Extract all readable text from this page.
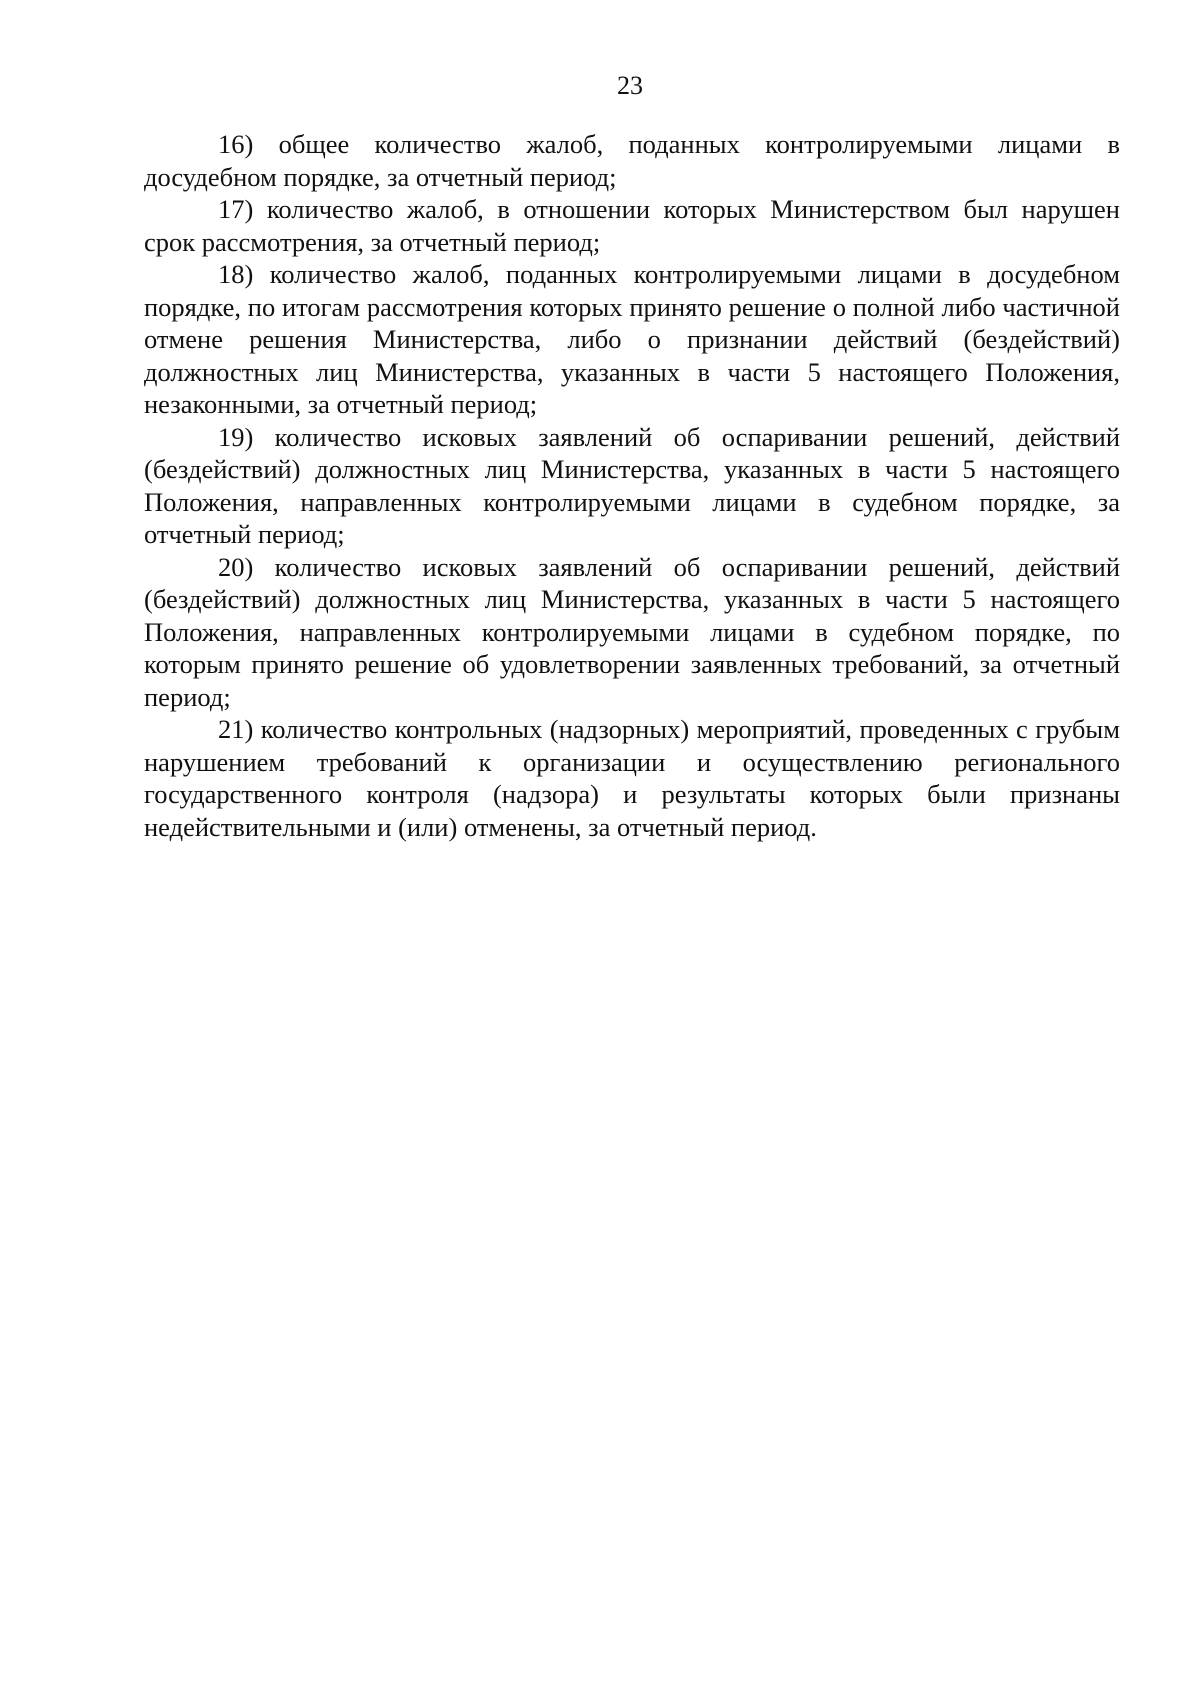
23

16) общее количество жалоб, поданных контролируемыми лицами в досудебном порядке, за отчетный период;

17) количество жалоб, в отношении которых Министерством был нарушен срок рассмотрения, за отчетный период;

18) количество жалоб, поданных контролируемыми лицами в досудебном порядке, по итогам рассмотрения которых принято решение о полной либо частичной отмене решения Министерства, либо о признании действий (бездействий) должностных лиц Министерства, указанных в части 5 настоящего Положения, незаконными, за отчетный период;

19) количество исковых заявлений об оспаривании решений, действий (бездействий) должностных лиц Министерства, указанных в части 5 настоящего Положения, направленных контролируемыми лицами в судебном порядке, за отчетный период;

20) количество исковых заявлений об оспаривании решений, действий (бездействий) должностных лиц Министерства, указанных в части 5 настоящего Положения, направленных контролируемыми лицами в судебном порядке, по которым принято решение об удовлетворении заявленных требований, за отчетный период;

21) количество контрольных (надзорных) мероприятий, проведенных с грубым нарушением требований к организации и осуществлению регионального государственного контроля (надзора) и результаты которых были признаны недействительными и (или) отменены, за отчетный период.
